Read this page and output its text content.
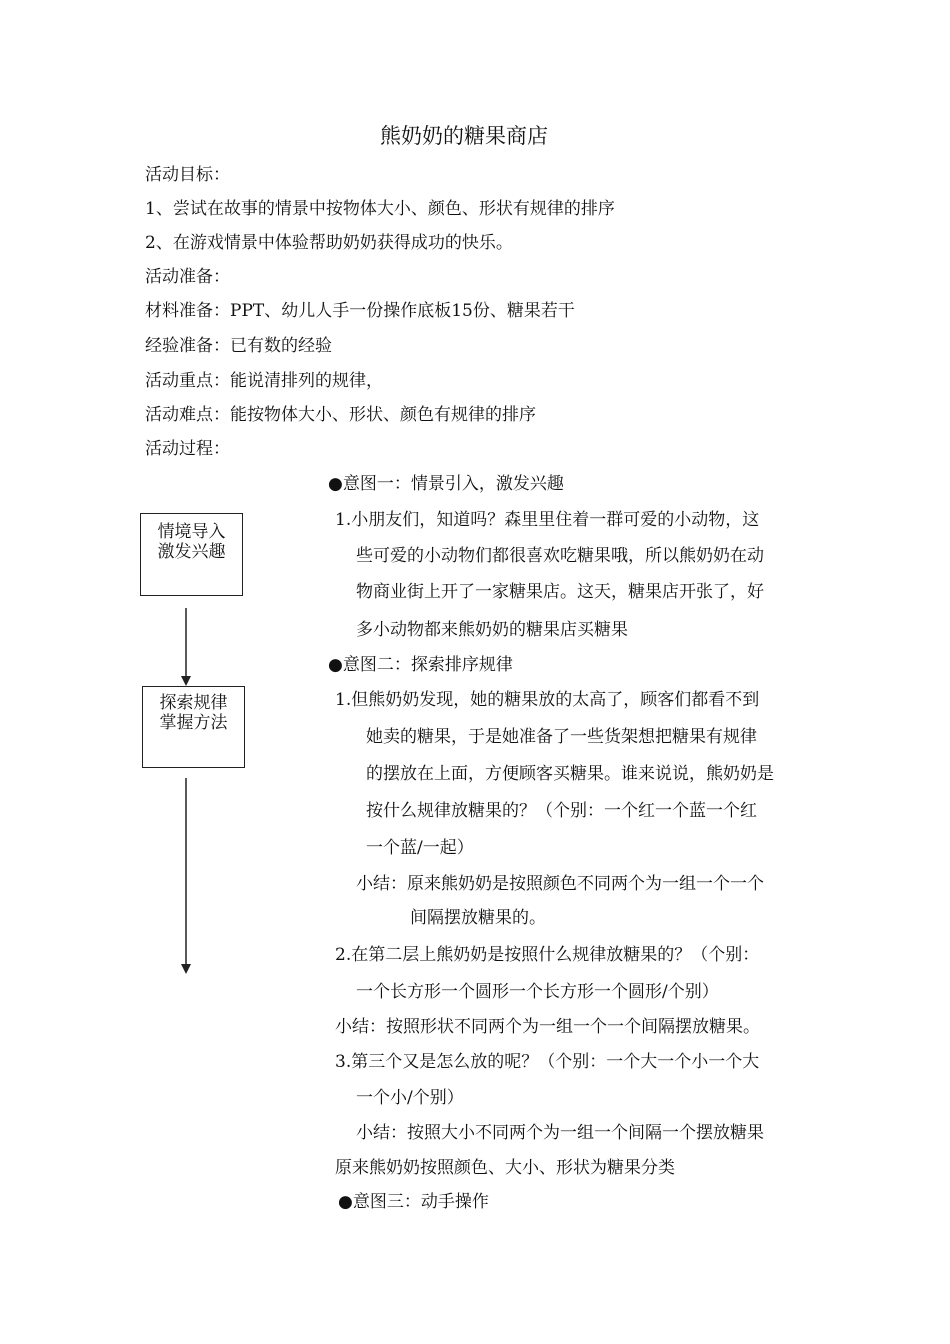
熊奶奶的糖果商店
活动目标：
1、尝试在故事的情景中按物体大小、颜色、形状有规律的排序
2、在游戏情景中体验帮助奶奶获得成功的快乐。
活动准备：
材料准备：PPT、幼儿人手一份操作底板15份、糖果若干
经验准备：已有数的经验
活动重点：能说清排列的规律，
活动难点：能按物体大小、形状、颜色有规律的排序
活动过程：
情境导入
激发兴趣
探索规律
掌握方法
●意图一：情景引入，激发兴趣
1.小朋友们，知道吗？森里里住着一群可爱的小动物，这
些可爱的小动物们都很喜欢吃糖果哦，所以熊奶奶在动
物商业街上开了一家糖果店。这天，糖果店开张了，好
多小动物都来熊奶奶的糖果店买糖果
●意图二：探索排序规律
1.但熊奶奶发现，她的糖果放的太高了，顾客们都看不到
她卖的糖果，于是她准备了一些货架想把糖果有规律
的摆放在上面，方便顾客买糖果。谁来说说，熊奶奶是
按什么规律放糖果的？（个别：一个红一个蓝一个红
一个蓝/一起）
小结：原来熊奶奶是按照颜色不同两个为一组一个一个
间隔摆放糖果的。
2.在第二层上熊奶奶是按照什么规律放糖果的？（个别：
一个长方形一个圆形一个长方形一个圆形/个别）
小结：按照形状不同两个为一组一个一个间隔摆放糖果。
3.第三个又是怎么放的呢？（个别：一个大一个小一个大
一个小/个别）
小结：按照大小不同两个为一组一个间隔一个摆放糖果
原来熊奶奶按照颜色、大小、形状为糖果分类
●意图三：动手操作
